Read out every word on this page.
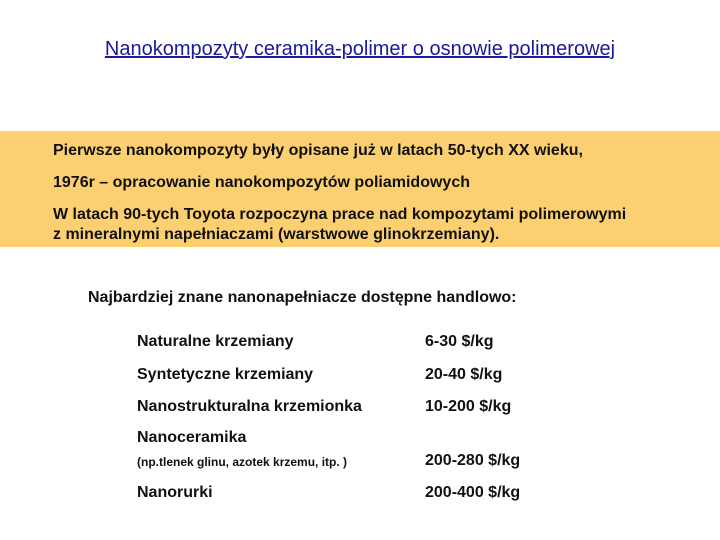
Nanokompozyty ceramika-polimer o osnowie polimerowej
Pierwsze nanokompozyty były opisane już w latach 50-tych XX wieku,
1976r – opracowanie nanokompozytów poliamidowych
W latach 90-tych Toyota rozpoczyna prace nad kompozytami polimerowymi
z mineralnymi napełniaczami (warstwowe glinokrzemiany).
Najbardziej znane nanonapełniacze dostępne handlowo:
Naturalne krzemiany	6-30 $/kg
Syntetyczne krzemiany	20-40 $/kg
Nanostrukturalna krzemionka	10-200 $/kg
Nanoceramika
(np.tlenek glinu, azotek krzemu, itp. )	200-280 $/kg
Nanorurki	200-400 $/kg
